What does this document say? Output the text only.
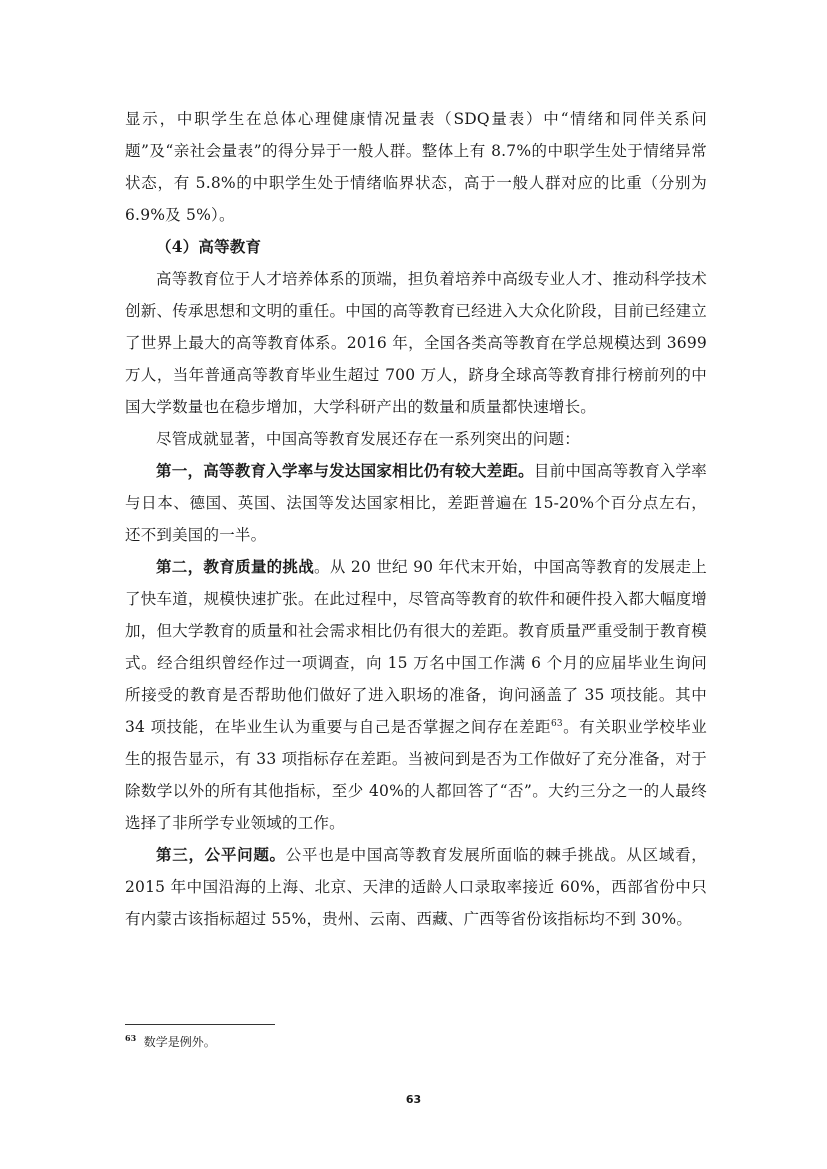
显示，中职学生在总体心理健康情况量表（SDQ量表）中“情绪和同伴关系问题”及“亲社会量表”的得分异于一般人群。整体上有 8.7%的中职学生处于情绪异常状态，有 5.8%的中职学生处于情绪临界状态，高于一般人群对应的比重（分别为 6.9%及 5%）。

（4）高等教育

高等教育位于人才培养体系的顶端，担负着培养中高级专业人才、推动科学技术创新、传承思想和文明的重任。中国的高等教育已经进入大众化阶段，目前已经建立了世界上最大的高等教育体系。2016 年，全国各类高等教育在学总规模达到 3699 万人，当年普通高等教育毕业生超过 700 万人，跻身全球高等教育排行榜前列的中国大学数量也在稳步增加，大学科研产出的数量和质量都快速增长。

尽管成就显著，中国高等教育发展还存在一系列突出的问题：

第一，高等教育入学率与发达国家相比仍有较大差距。目前中国高等教育入学率与日本、德国、英国、法国等发达国家相比，差距普遍在 15-20%个百分点左右，还不到美国的一半。

第二，教育质量的挑战。从 20 世纪 90 年代末开始，中国高等教育的发展走上了快车道，规模快速扩张。在此过程中，尽管高等教育的软件和硬件投入都大幅度增加，但大学教育的质量和社会需求相比仍有很大的差距。教育质量严重受制于教育模式。经合组织曾经作过一项调查，向 15 万名中国工作满 6 个月的应届毕业生询问所接受的教育是否帮助他们做好了进入职场的准备，询问涵盖了 35 项技能。其中 34 项技能，在毕业生认为重要与自己是否掌握之间存在差距$^{63}$。有关职业学校毕业生的报告显示，有 33 项指标存在差距。当被问到是否为工作做好了充分准备，对于除数学以外的所有其他指标，至少 40%的人都回答了“否”。大约三分之一的人最终选择了非所学专业领域的工作。

第三，公平问题。公平也是中国高等教育发展所面临的棘手挑战。从区域看，2015 年中国沿海的上海、北京、天津的适龄人口录取率接近 60%，西部省份中只有内蒙古该指标超过 55%，贵州、云南、西藏、广西等省份该指标均不到 30%。

$^{63}$ 数学是例外。
63
